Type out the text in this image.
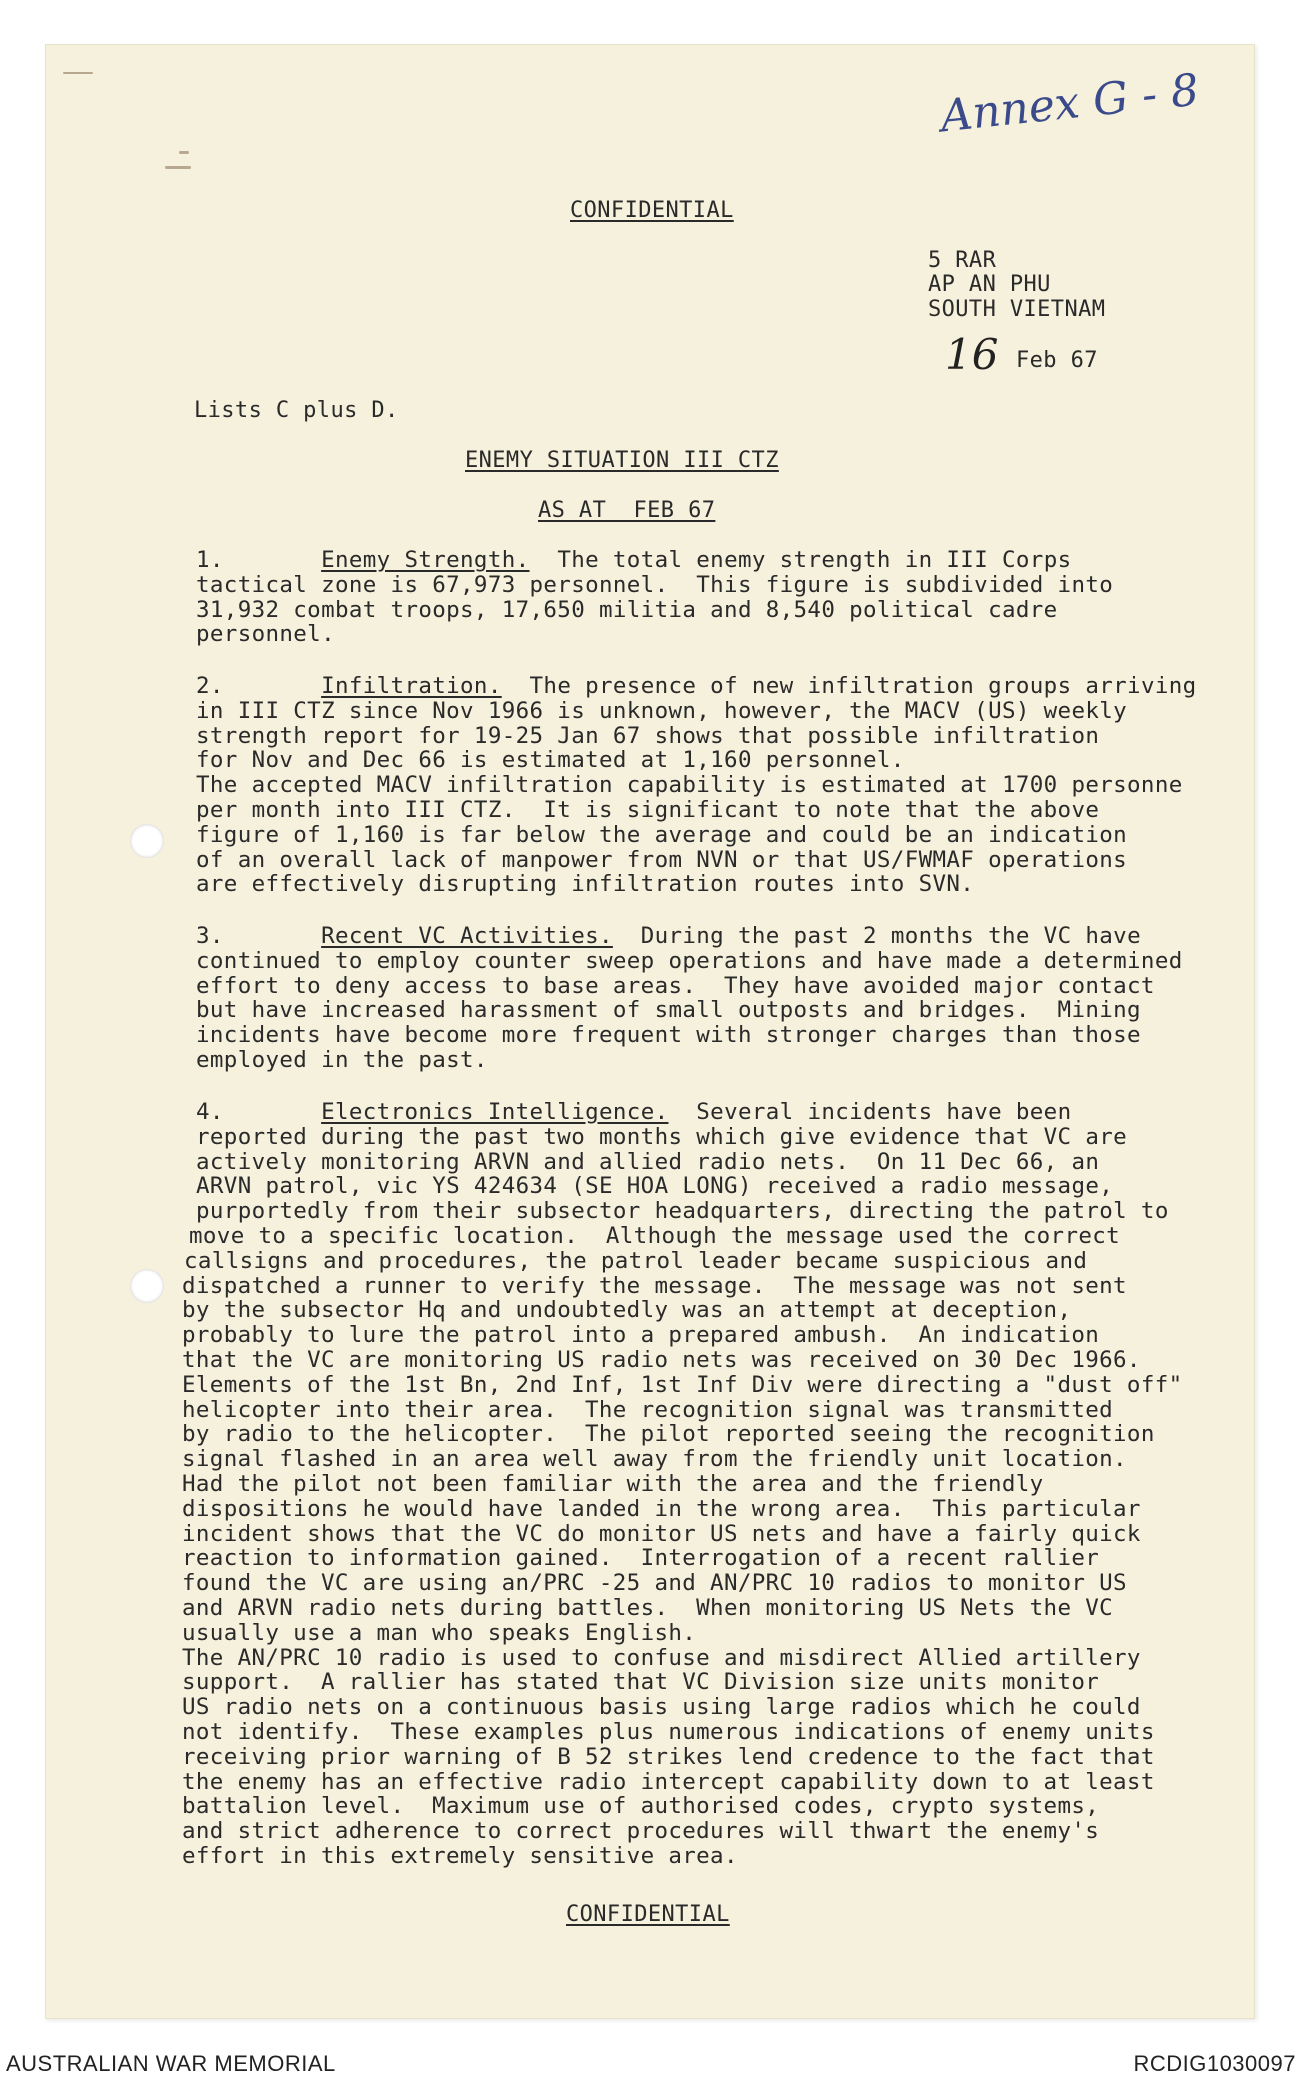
Annex G - 8
CONFIDENTIAL
5 RAR
AP AN PHU
SOUTH VIETNAM
16 Feb 67
Lists C plus D.
ENEMY SITUATION III CTZ
AS AT  FEB 67
1.	Enemy Strength.  The total enemy strength in III Corps
tactical zone is 67,973 personnel.  This figure is subdivided into
31,932 combat troops, 17,650 militia and 8,540 political cadre
personnel.
2.	Infiltration.  The presence of new infiltration groups arriving
in III CTZ since Nov 1966 is unknown, however, the MACV (US) weekly
strength report for 19-25 Jan 67 shows that possible infiltration
for Nov and Dec 66 is estimated at 1,160 personnel.
The accepted MACV infiltration capability is estimated at 1700 personne
per month into III CTZ.  It is significant to note that the above
figure of 1,160 is far below the average and could be an indication
of an overall lack of manpower from NVN or that US/FWMAF operations
are effectively disrupting infiltration routes into SVN.
3.	Recent VC Activities.  During the past 2 months the VC have
continued to employ counter sweep operations and have made a determined
effort to deny access to base areas.  They have avoided major contact
but have increased harassment of small outposts and bridges.  Mining
incidents have become more frequent with stronger charges than those
employed in the past.
4.	Electronics Intelligence.  Several incidents have been
reported during the past two months which give evidence that VC are
actively monitoring ARVN and allied radio nets.  On 11 Dec 66, an
ARVN patrol, vic YS 424634 (SE HOA LONG) received a radio message,
purportedly from their subsector headquarters, directing the patrol to
move to a specific location.  Although the message used the correct
callsigns and procedures, the patrol leader became suspicious and
dispatched a runner to verify the message.  The message was not sent
by the subsector Hq and undoubtedly was an attempt at deception,
probably to lure the patrol into a prepared ambush.  An indication
that the VC are monitoring US radio nets was received on 30 Dec 1966.
Elements of the 1st Bn, 2nd Inf, 1st Inf Div were directing a "dust off"
helicopter into their area.  The recognition signal was transmitted
by radio to the helicopter.  The pilot reported seeing the recognition
signal flashed in an area well away from the friendly unit location.
Had the pilot not been familiar with the area and the friendly
dispositions he would have landed in the wrong area.  This particular
incident shows that the VC do monitor US nets and have a fairly quick
reaction to information gained.  Interrogation of a recent rallier
found the VC are using an/PRC -25 and AN/PRC 10 radios to monitor US
and ARVN radio nets during battles.  When monitoring US Nets the VC
usually use a man who speaks English.
The AN/PRC 10 radio is used to confuse and misdirect Allied artillery
support.  A rallier has stated that VC Division size units monitor
US radio nets on a continuous basis using large radios which he could
not identify.  These examples plus numerous indications of enemy units
receiving prior warning of B 52 strikes lend credence to the fact that
the enemy has an effective radio intercept capability down to at least
battalion level.  Maximum use of authorised codes, crypto systems,
and strict adherence to correct procedures will thwart the enemy's
effort in this extremely sensitive area.
CONFIDENTIAL
AUSTRALIAN WAR MEMORIAL	RCDIG1030097
